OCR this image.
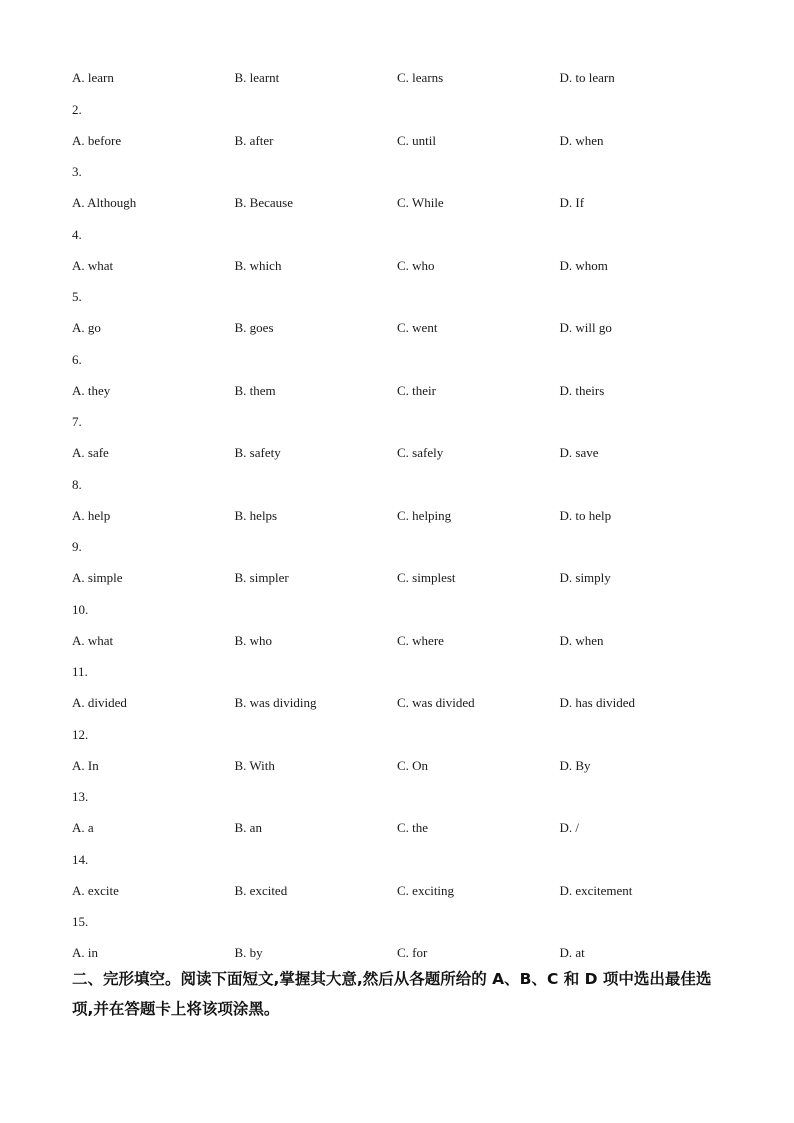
A. learn	B. learnt	C. learns	D. to learn
2.
A. before	B. after	C. until	D. when
3.
A. Although	B. Because	C. While	D. If
4.
A. what	B. which	C. who	D. whom
5.
A. go	B. goes	C. went	D. will go
6.
A. they	B. them	C. their	D. theirs
7.
A. safe	B. safety	C. safely	D. save
8.
A. help	B. helps	C. helping	D. to help
9.
A. simple	B. simpler	C. simplest	D. simply
10.
A. what	B. who	C. where	D. when
11.
A. divided	B. was dividing	C. was divided	D. has divided
12.
A. In	B. With	C. On	D. By
13.
A. a	B. an	C. the	D. /
14.
A. excite	B. excited	C. exciting	D. excitement
15.
A. in	B. by	C. for	D. at
二、完形填空。阅读下面短文,掌握其大意,然后从各题所给的 A、B、C 和 D 项中选出最佳选项,并在答题卡上将该项涂黑。
